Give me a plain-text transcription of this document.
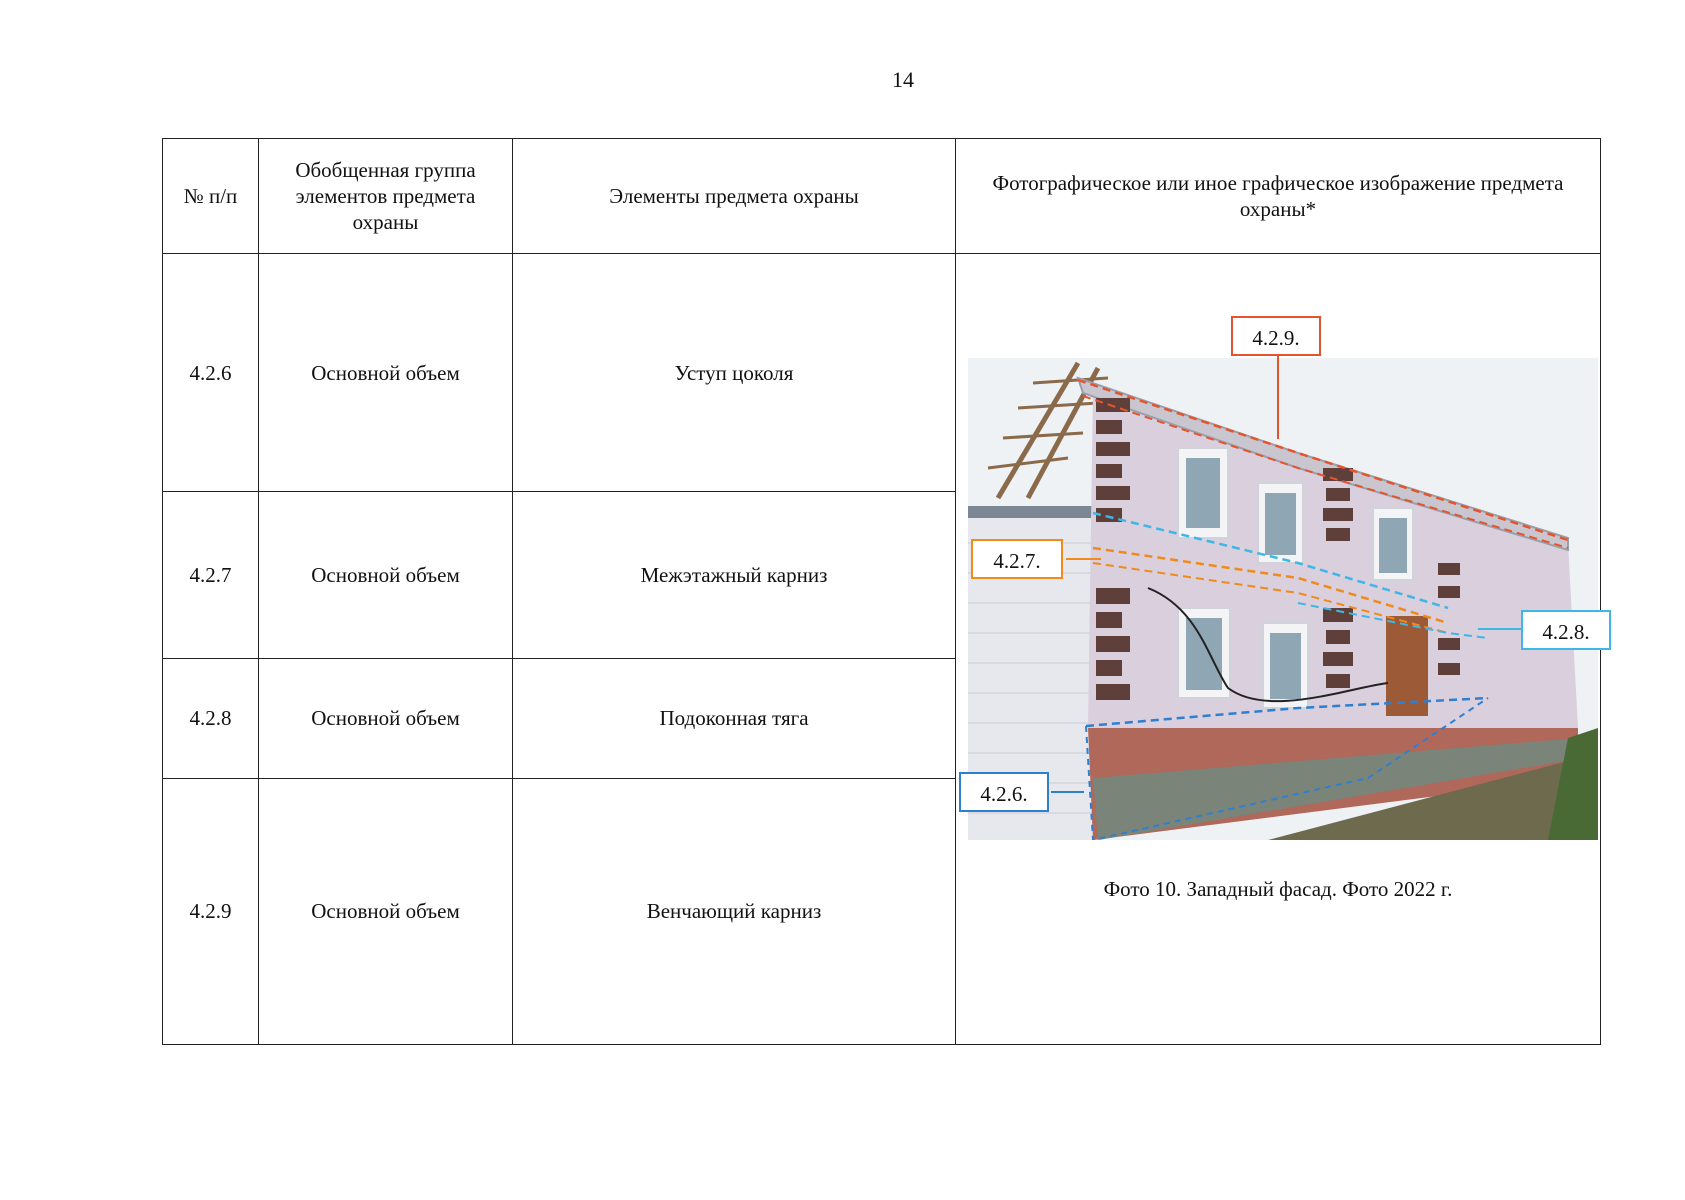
14
№ п/п	Обобщенная группа элементов предмета охраны	Элементы предмета охраны	Фотографическое или иное графическое изображение предмета охраны*
4.2.6	Основной объем	Уступ цоколя	4.2.9.
4.2.7.
4.2.8.
4.2.6.
Фото 10. Западный фасад. Фото 2022 г.

4.2.7	Основной объем	Межэтажный карниз	
4.2.8	Основной объем	Подоконная тяга	
4.2.9	Основной объем	Венчающий карниз	
